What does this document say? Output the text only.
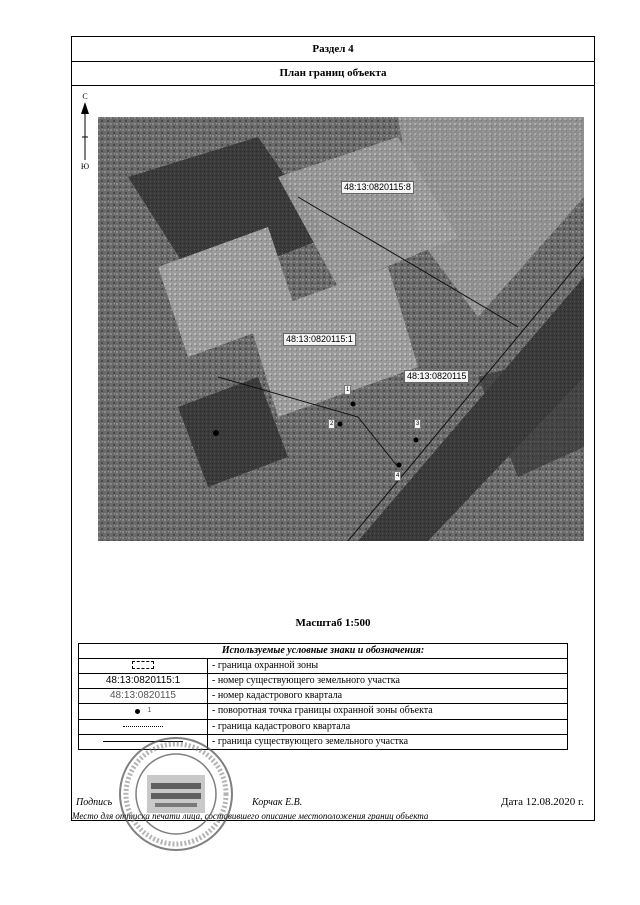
Раздел 4
План границ объекта
С
Ю
48:13:0820115:8
48:13:0820115:1
48:13:0820115
1
2	3
4
Масштаб 1:500
Используемые условные знаки и обозначения:	
	- граница охранной зоны
48:13:0820115:1	- номер существующего земельного участка
48:13:0820115	- номер кадастрового квартала
1	- поворотная точка границы охранной зоны объекта
	- граница кадастрового квартала
	- граница существующего земельного участка
Подпись	Корчак Е.В.	Дата 12.08.2020 г.
Место для оттиска печати лица, составившего описание местоположения границ объекта
